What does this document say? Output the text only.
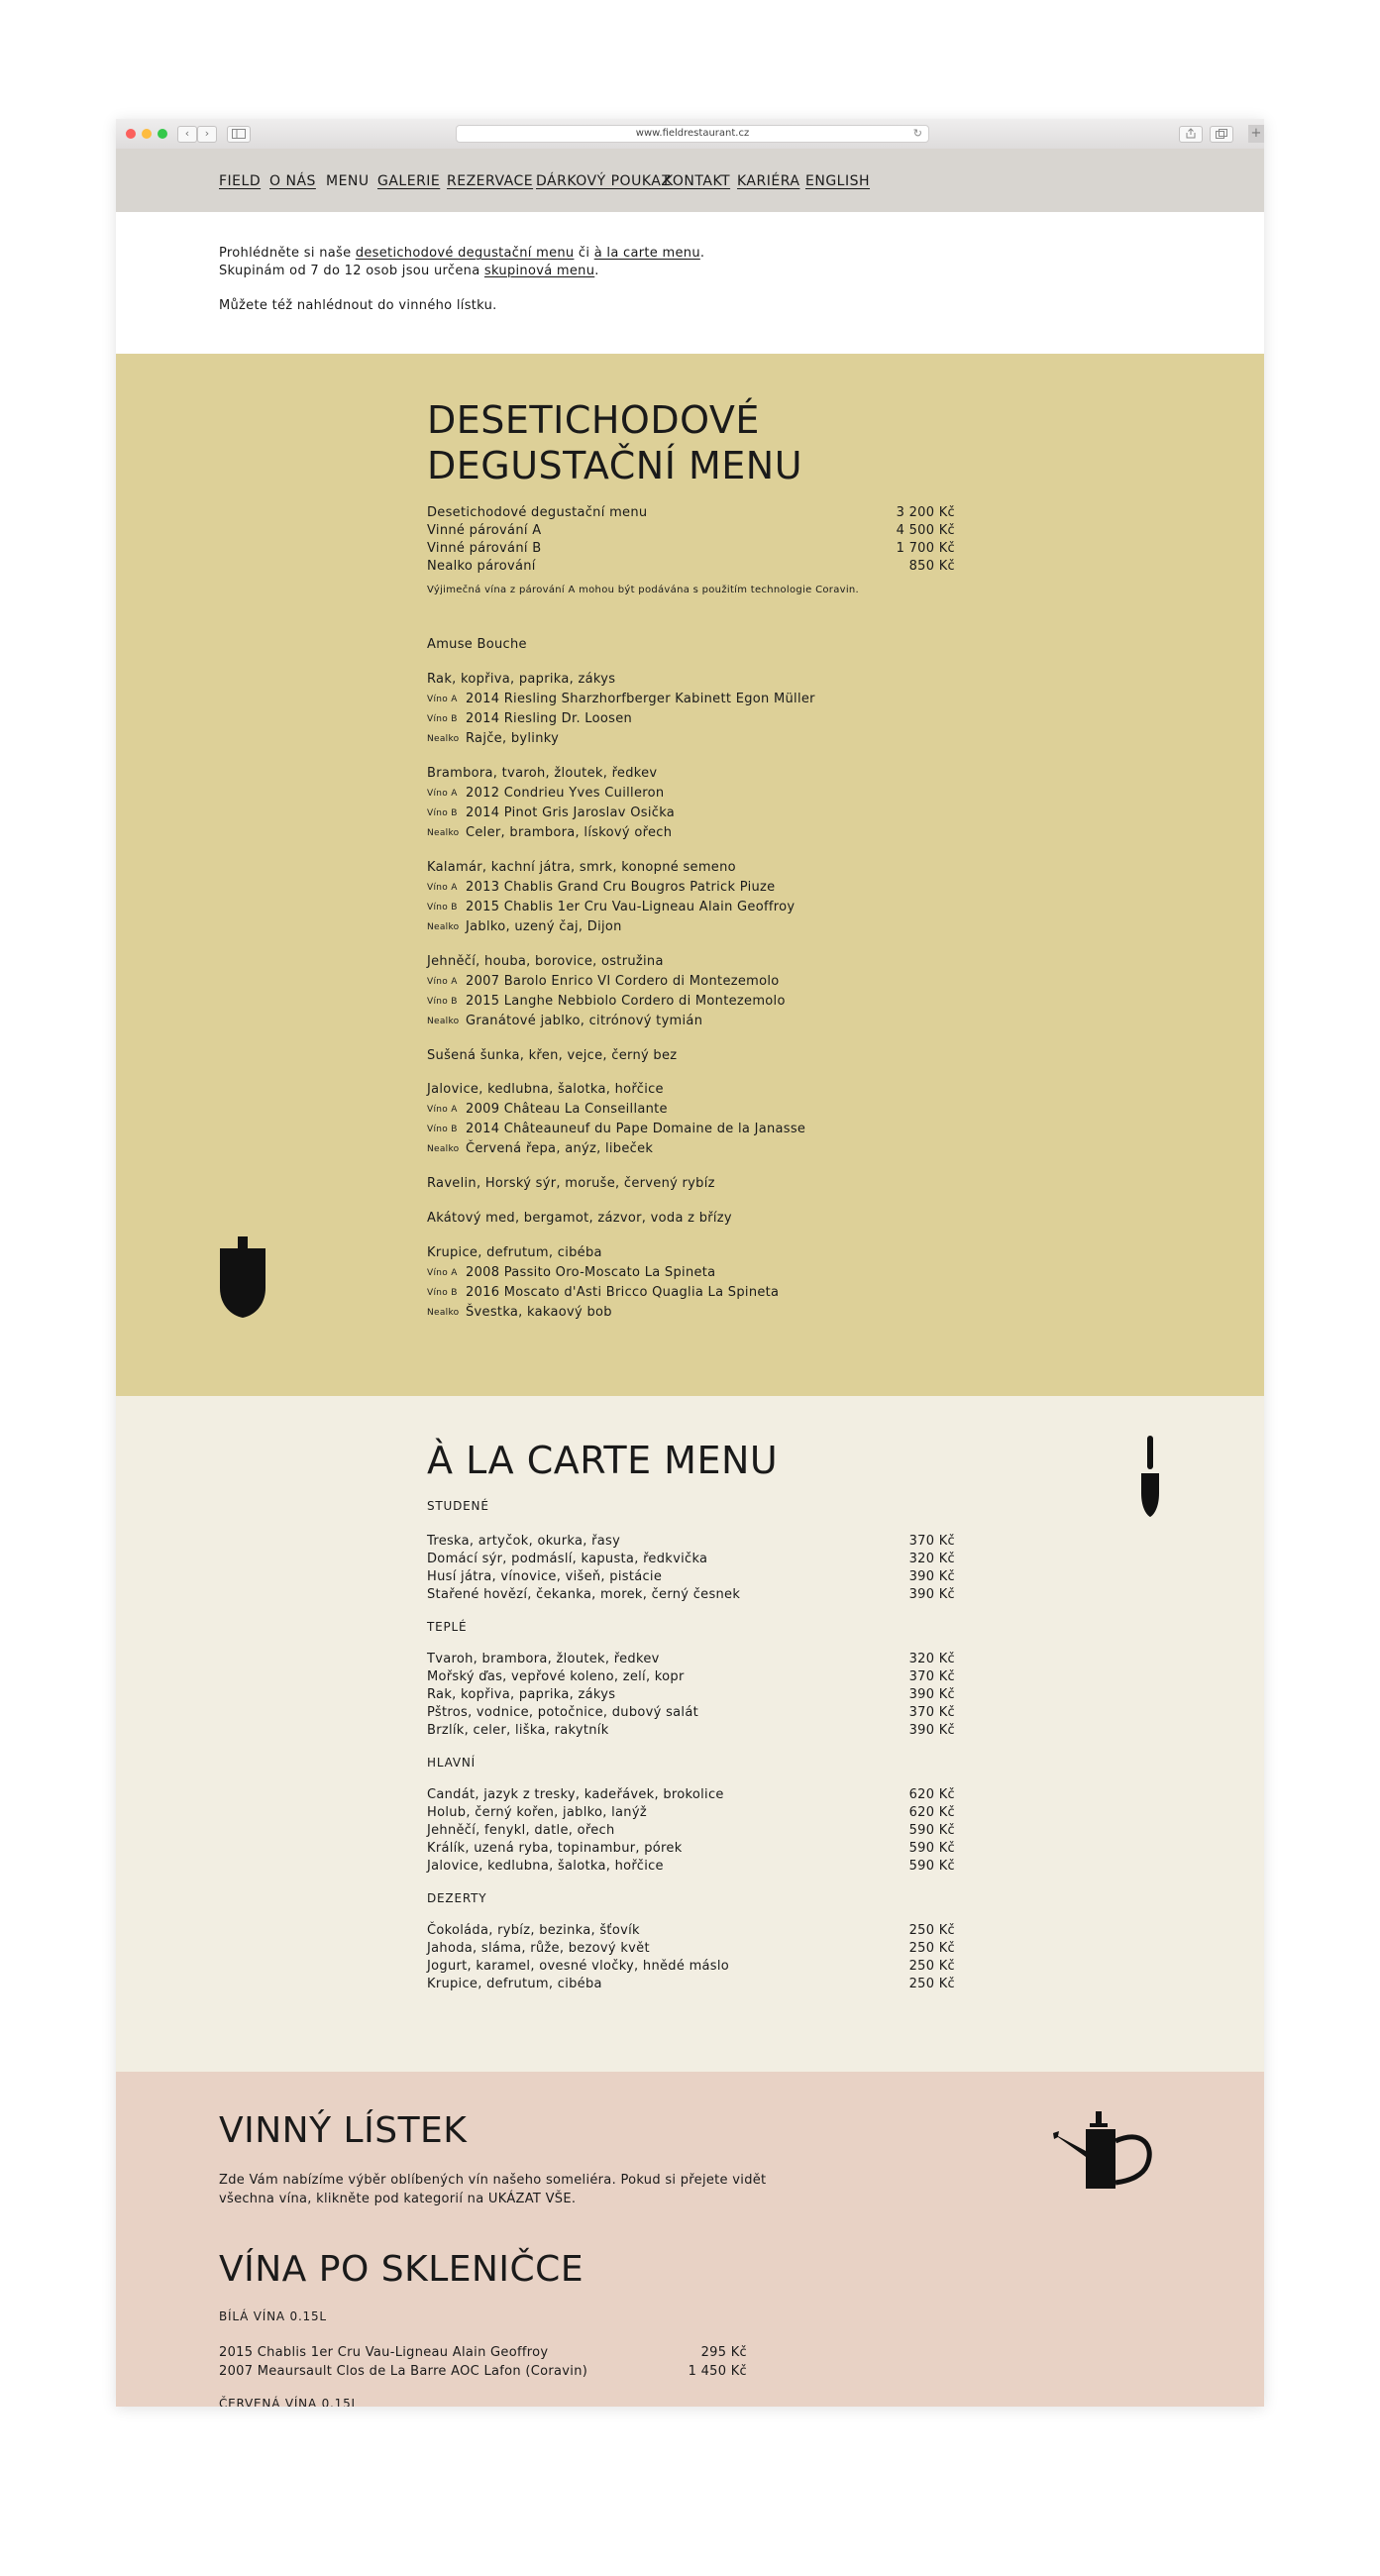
‹	›	www.fieldrestaurant.cz	↻	+
FIELD O NÁS MENU GALERIE REZERVACE DÁRKOVÝ POUKAZ
KONTAKT KARIÉRA ENGLISH

Prohlédněte si naše desetichodové degustační menu či à la carte menu.

Skupinám od 7 do 12 osob jsou určena skupinová menu.

Můžete též nahlédnout do vinného lístku.

DESETICHODOVÉ
DEGUSTAČNÍ MENU
Desetichodové degustační menu	3 200 Kč
Vinné párování A	4 500 Kč
Vinné párování B	1 700 Kč
Nealko párování	850 Kč
Výjimečná vína z párování A mohou být podávána s použitím technologie Coravin.
Amuse Bouche
Rak, kopřiva, paprika, zákys
Víno A 2014 Riesling Sharzhorfberger Kabinett Egon Müller
Víno B 2014 Riesling Dr. Loosen
Nealko Rajče, bylinky
Brambora, tvaroh, žloutek, ředkev
Víno A 2012 Condrieu Yves Cuilleron
Víno B 2014 Pinot Gris Jaroslav Osička
Nealko Celer, brambora, lískový ořech
Kalamár, kachní játra, smrk, konopné semeno
Víno A 2013 Chablis Grand Cru Bougros Patrick Piuze
Víno B 2015 Chablis 1er Cru Vau-Ligneau Alain Geoffroy
Nealko Jablko, uzený čaj, Dijon
Jehněčí, houba, borovice, ostružina
Víno A 2007 Barolo Enrico VI Cordero di Montezemolo
Víno B 2015 Langhe Nebbiolo Cordero di Montezemolo
Nealko Granátové jablko, citrónový tymián
Sušená šunka, křen, vejce, černý bez
Jalovice, kedlubna, šalotka, hořčice
Víno A 2009 Château La Conseillante
Víno B 2014 Châteauneuf du Pape Domaine de la Janasse
Nealko Červená řepa, anýz, libeček
Ravelin, Horský sýr, moruše, červený rybíz
Akátový med, bergamot, zázvor, voda z břízy
Krupice, defrutum, cibéba
Víno A 2008 Passito Oro-Moscato La Spineta
Víno B 2016 Moscato d'Asti Bricco Quaglia La Spineta
Nealko Švestka, kakaový bob
À LA CARTE MENU
STUDENÉ
Treska, artyčok, okurka, řasy	370 Kč
Domácí sýr, podmáslí, kapusta, ředkvička	320 Kč
Husí játra, vínovice, višeň, pistácie	390 Kč
Stařené hovězí, čekanka, morek, černý česnek	390 Kč
TEPLÉ
Tvaroh, brambora, žloutek, ředkev	320 Kč
Mořský ďas, vepřové koleno, zelí, kopr	370 Kč
Rak, kopřiva, paprika, zákys	390 Kč
Pštros, vodnice, potočnice, dubový salát	370 Kč
Brzlík, celer, liška, rakytník	390 Kč
HLAVNÍ
Candát, jazyk z tresky, kadeřávek, brokolice	620 Kč
Holub, černý kořen, jablko, lanýž	620 Kč
Jehněčí, fenykl, datle, ořech	590 Kč
Králík, uzená ryba, topinambur, pórek	590 Kč
Jalovice, kedlubna, šalotka, hořčice	590 Kč
DEZERTY
Čokoláda, rybíz, bezinka, šťovík	250 Kč
Jahoda, sláma, růže, bezový květ	250 Kč
Jogurt, karamel, ovesné vločky, hnědé máslo	250 Kč
Krupice, defrutum, cibéba	250 Kč
VINNÝ LÍSTEK

Zde Vám nabízíme výběr oblíbených vín našeho someliéra. Pokud si přejete vidět
všechna vína, klikněte pod kategorií na UKÁZAT VŠE.

VÍNA PO SKLENIČCE
BÍLÁ VÍNA 0.15L
2015 Chablis 1er Cru Vau-Ligneau Alain Geoffroy	295 Kč
2007 Meaursault Clos de La Barre AOC Lafon (Coravin)	1 450 Kč
ČERVENÁ VÍNA 0.15L
